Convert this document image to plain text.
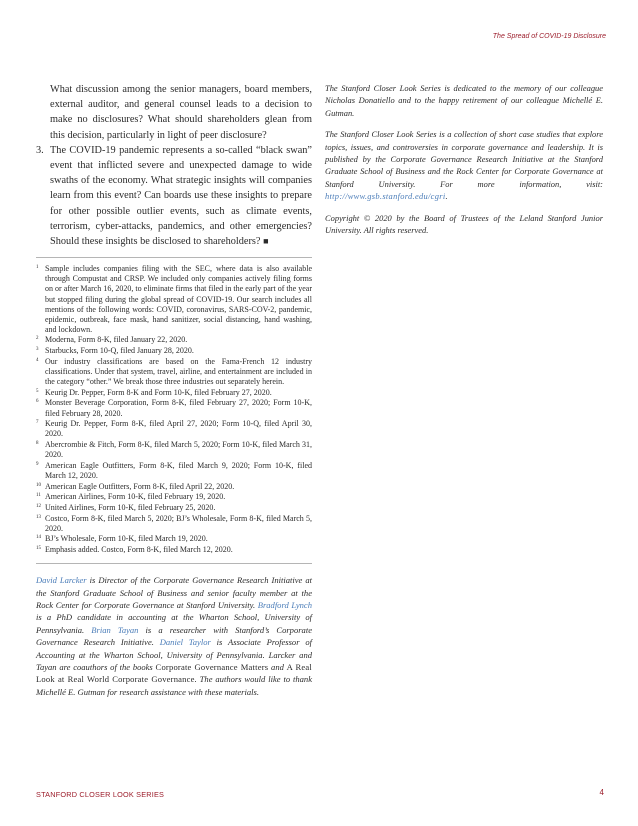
The Spread of COVID-19 Disclosure

What discussion among the senior managers, board members, external auditor, and general counsel leads to a decision to make no disclosures? What should shareholders glean from this decision, particularly in light of peer disclosure?

3. The COVID-19 pandemic represents a so-called “black swan” event that inflicted severe and unexpected damage to wide swaths of the economy. What strategic insights will companies learn from this event? Can boards use these insights to prepare for other possible outlier events, such as climate events, terrorism, cyber-attacks, pandemics, and other emergencies? Should these insights be disclosed to shareholders? ■

1 Sample includes companies filing with the SEC, where data is also available through Compustat and CRSP. We included only companies actively filing forms on or after March 16, 2020, to eliminate firms that filed in the early part of the year but stopped filing during the global spread of COVID-19. Our search includes all mentions of the following words: COVID, coronavirus, SARS-COV-2, pandemic, epidemic, outbreak, face mask, hand sanitizer, social distancing, hand washing, and lockdown.

2 Moderna, Form 8-K, filed January 22, 2020.

3 Starbucks, Form 10-Q, filed January 28, 2020.

4 Our industry classifications are based on the Fama-French 12 industry classifications. Under that system, travel, airline, and entertainment are included in the category “other.” We break those three industries out separately herein.

5 Keurig Dr. Pepper, Form 8-K and Form 10-K, filed February 27, 2020.

6 Monster Beverage Corporation, Form 8-K, filed February 27, 2020; Form 10-K, filed February 28, 2020.

7 Keurig Dr. Pepper, Form 8-K, filed April 27, 2020; Form 10-Q, filed April 30, 2020.

8 Abercrombie & Fitch, Form 8-K, filed March 5, 2020; Form 10-K, filed March 31, 2020.

9 American Eagle Outfitters, Form 8-K, filed March 9, 2020; Form 10-K, filed March 12, 2020.

10 American Eagle Outfitters, Form 8-K, filed April 22, 2020.

11 American Airlines, Form 10-K, filed February 19, 2020.

12 United Airlines, Form 10-K, filed February 25, 2020.

13 Costco, Form 8-K, filed March 5, 2020; BJ’s Wholesale, Form 8-K, filed March 5, 2020.

14 BJ’s Wholesale, Form 10-K, filed March 19, 2020.

15 Emphasis added. Costco, Form 8-K, filed March 12, 2020.

David Larcker is Director of the Corporate Governance Research Initiative at the Stanford Graduate School of Business and senior faculty member at the Rock Center for Corporate Governance at Stanford University. Bradford Lynch is a PhD candidate in accounting at the Wharton School, University of Pennsylvania. Brian Tayan is a researcher with Stanford’s Corporate Governance Research Initiative. Daniel Taylor is Associate Professor of Accounting at the Wharton School, University of Pennsylvania. Larcker and Tayan are coauthors of the books Corporate Governance Matters and A Real Look at Real World Corporate Governance. The authors would like to thank Michellé E. Gutman for research assistance with these materials.

The Stanford Closer Look Series is dedicated to the memory of our colleague Nicholas Donatiello and to the happy retirement of our colleague Michellé E. Gutman.

The Stanford Closer Look Series is a collection of short case studies that explore topics, issues, and controversies in corporate governance and leadership. It is published by the Corporate Governance Research Initiative at the Stanford Graduate School of Business and the Rock Center for Corporate Governance at Stanford University. For more information, visit: http://www.gsb.stanford.edu/cgri.

Copyright © 2020 by the Board of Trustees of the Leland Stanford Junior University. All rights reserved.

STANFORD CLOSER LOOK SERIES	4
